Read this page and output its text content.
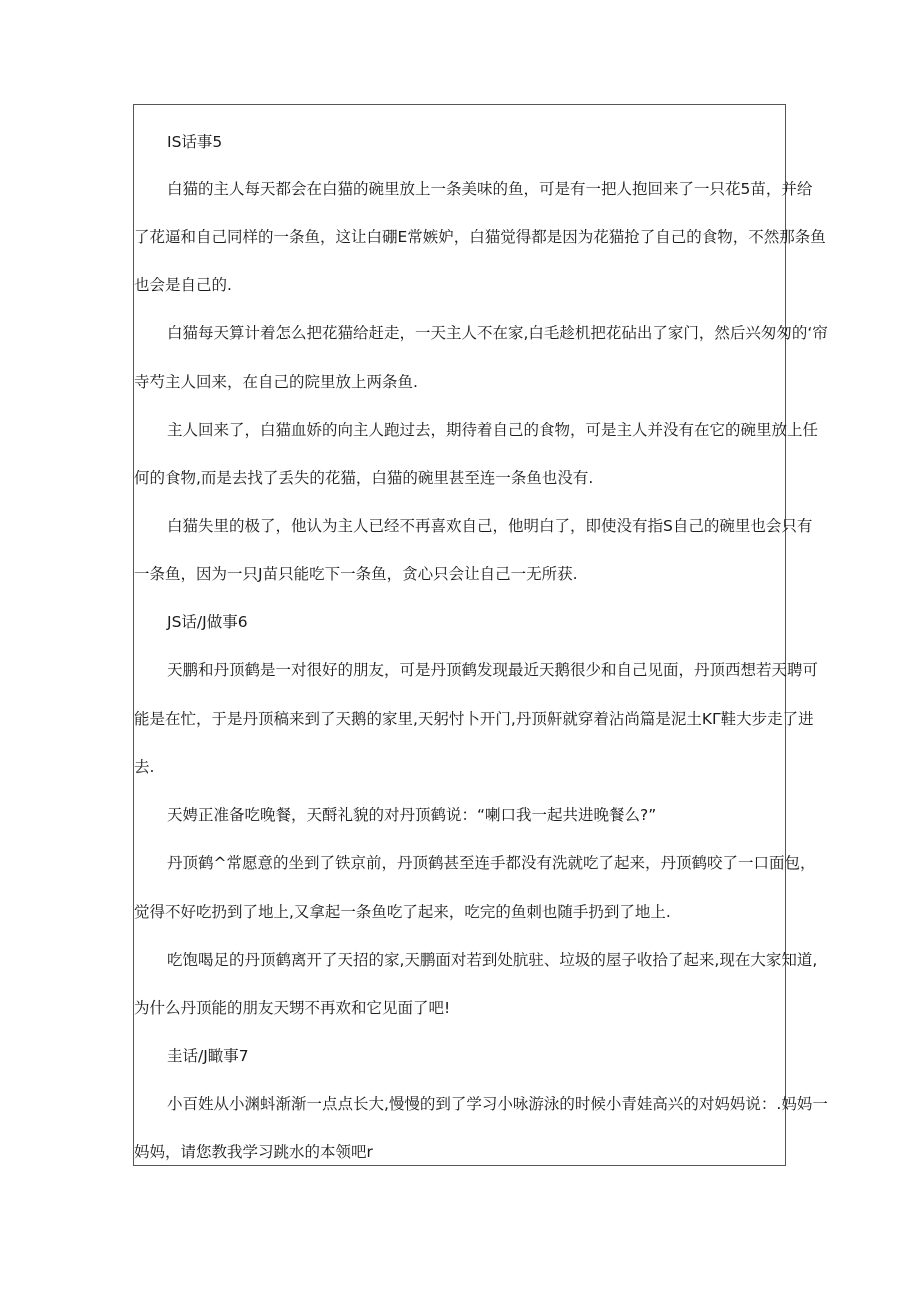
IS话事5
白猫的主人每天都会在白猫的碗里放上一条美味的鱼，可是有一把人抱回来了一只花5苗，并给
了花逼和自己同样的一条鱼，这让白硼E常嫉妒，白猫觉得都是因为花猫抢了自己的食物，不然那条鱼
也会是自己的.
白猫每天算计着怎么把花猫给赶走，一天主人不在家,白毛趁机把花砧出了家门，然后兴匆匆的‘帘
寺芍主人回来，在自己的院里放上两条鱼.
主人回来了，白猫血娇的向主人跑过去，期待着自己的食物，可是主人并没有在它的碗里放上任
何的食物,而是去找了丢失的花猫，白猫的碗里甚至连一条鱼也没有.
白猫失里的极了，他认为主人已经不再喜欢自己，他明白了，即使没有指S自己的碗里也会只有
一条鱼，因为一只J苗只能吃下一条鱼，贪心只会让自己一无所获.
JS话/J做事6
天鹏和丹顶鹤是一对很好的朋友，可是丹顶鹤发现最近天鹅很少和自己见面，丹顶西想若天聘可
能是在忙，于是丹顶稿来到了天鹅的家里,天躬忖卜开门,丹顶鼾就穿着沾尚篇是泥土KΓ鞋大步走了进
去.
天娉正准备吃晚餐，天酹礼貌的对丹顶鹤说：“喇口我一起共进晚餐么?”
丹顶鹤^常愿意的坐到了铁京前，丹顶鹤甚至连手都没有洗就吃了起来，丹顶鹤咬了一口面包，
觉得不好吃扔到了地上,又拿起一条鱼吃了起来，吃完的鱼刺也随手扔到了地上.
吃饱喝足的丹顶鹤离开了天招的家,天鹏面对若到处肮驻、垃圾的屋子收拾了起来,现在大家知道,
为什么丹顶能的朋友天甥不再欢和它见面了吧!
圭话/J瞰事7
小百姓从小渊蚪渐渐一点点长大,慢慢的到了学习小咏游泳的时候小青娃高兴的对妈妈说：.妈妈一
妈妈，请您教我学习跳水的本领吧r
